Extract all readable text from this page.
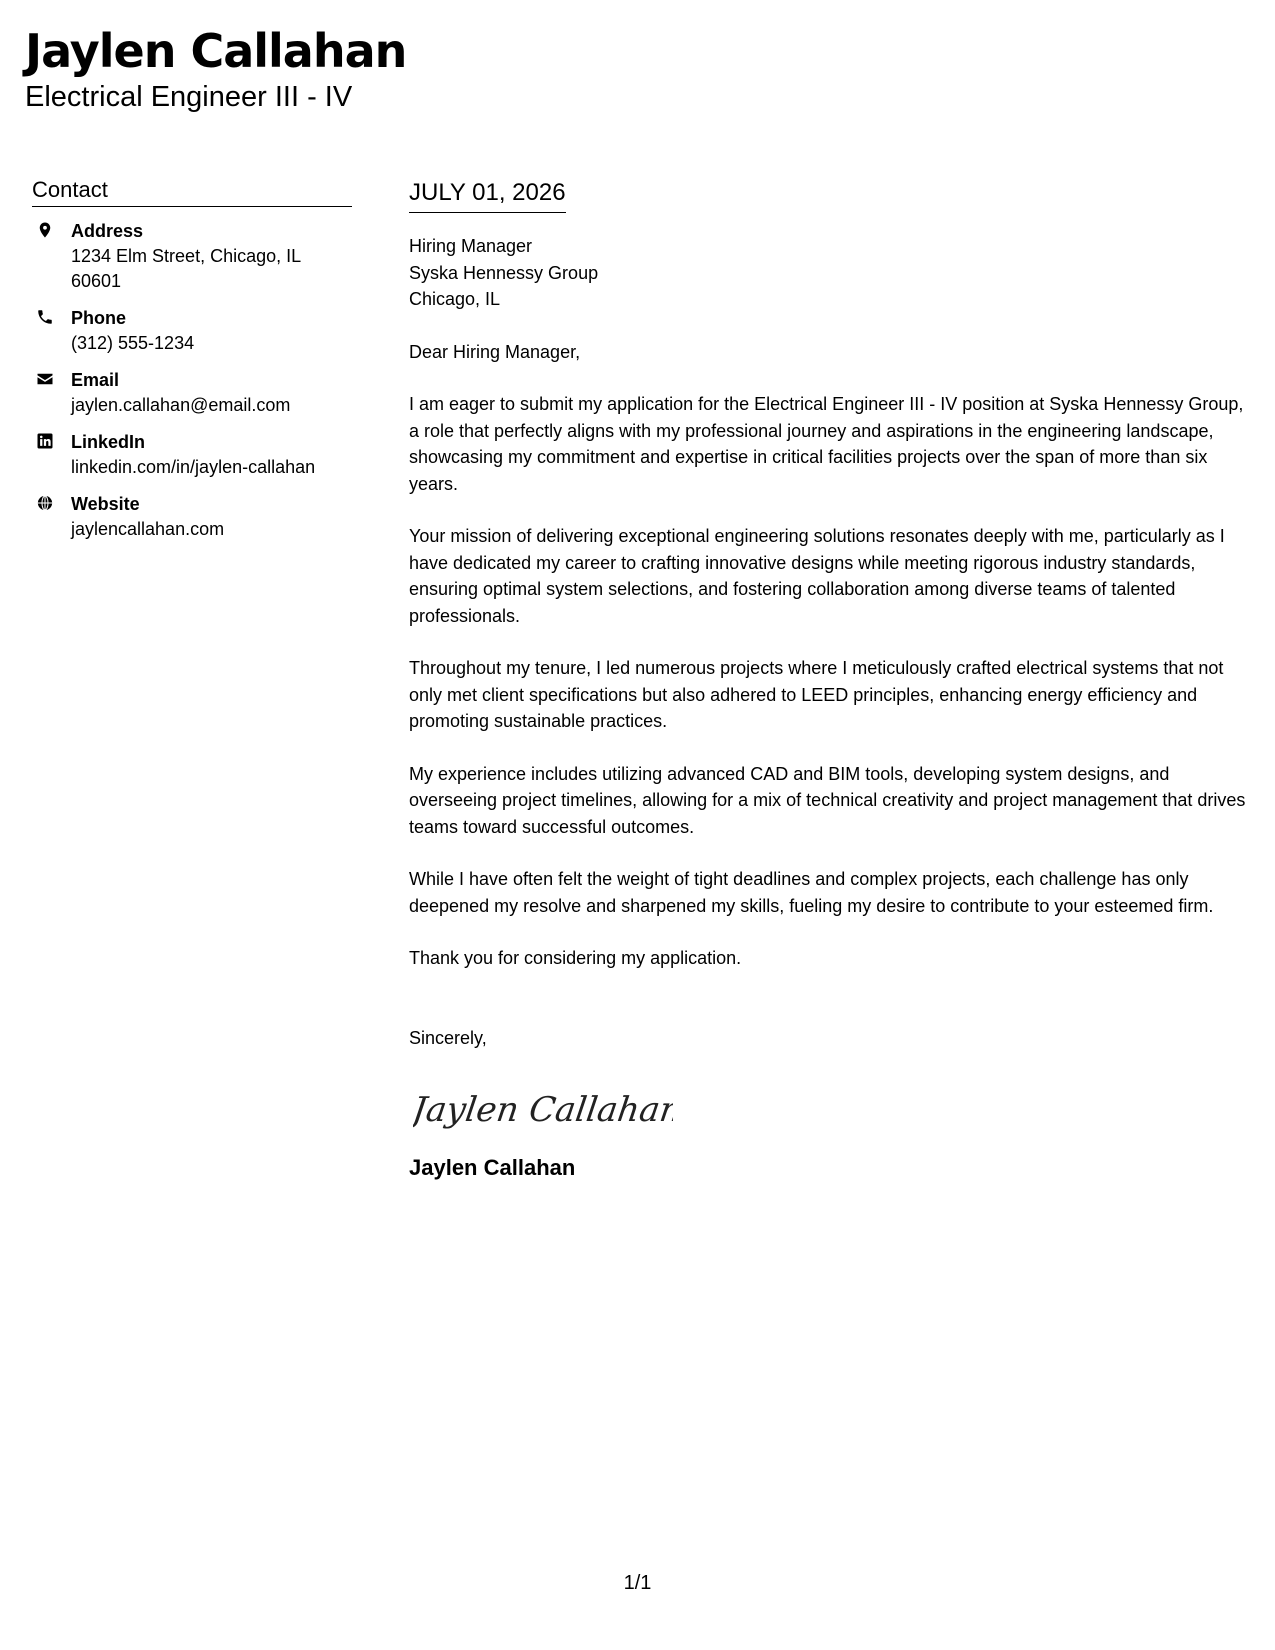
Jaylen Callahan

Electrical Engineer III - IV

Contact
Address
1234 Elm Street, Chicago, IL
60601
Phone
(312) 555-1234
Email
jaylen.callahan@email.com
LinkedIn
linkedin.com/in/jaylen-callahan
Website
jaylencallahan.com
JULY 01, 2026
Hiring Manager
Syska Hennessy Group
Chicago, IL

Dear Hiring Manager,

I am eager to submit my application for the Electrical Engineer III - IV position at Syska Hennessy Group, a role that perfectly aligns with my professional journey and aspirations in the engineering landscape, showcasing my commitment and expertise in critical facilities projects over the span of more than six years.

Your mission of delivering exceptional engineering solutions resonates deeply with me, particularly as I have dedicated my career to crafting innovative designs while meeting rigorous industry standards, ensuring optimal system selections, and fostering collaboration among diverse teams of talented professionals.

Throughout my tenure, I led numerous projects where I meticulously crafted electrical systems that not only met client specifications but also adhered to LEED principles, enhancing energy efficiency and promoting sustainable practices.

My experience includes utilizing advanced CAD and BIM tools, developing system designs, and overseeing project timelines, allowing for a mix of technical creativity and project management that drives teams toward successful outcomes.

While I have often felt the weight of tight deadlines and complex projects, each challenge has only deepened my resolve and sharpened my skills, fueling my desire to contribute to your esteemed firm.

Thank you for considering my application.

Sincerely,
Jaylen Callahan
Jaylen Callahan
1/1
